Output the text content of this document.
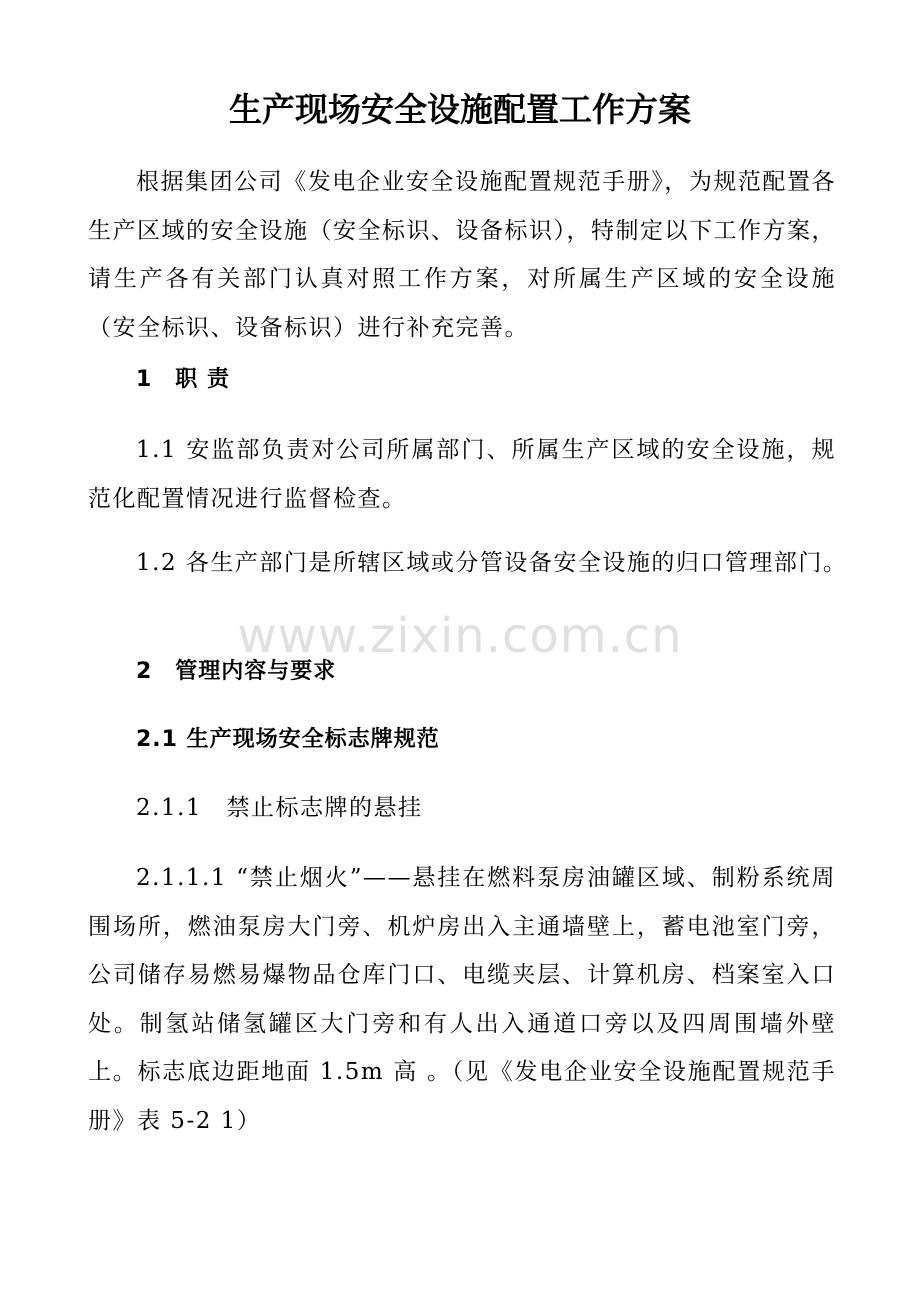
生产现场安全设施配置工作方案
根据集团公司《发电企业安全设施配置规范手册》，为规范配置各生产区域的安全设施（安全标识、设备标识），特制定以下工作方案，请生产各有关部门认真对照工作方案，对所属生产区域的安全设施（安全标识、设备标识）进行补充完善。
1　职 责
1.1 安监部负责对公司所属部门、所属生产区域的安全设施，规范化配置情况进行监督检查。
1.2 各生产部门是所辖区域或分管设备安全设施的归口管理部门。
www.zixin.com.cn
2　管理内容与要求
2.1 生产现场安全标志牌规范
2.1.1　禁止标志牌的悬挂
2.1.1.1 “禁止烟火”——悬挂在燃料泵房油罐区域、制粉系统周围场所，燃油泵房大门旁、机炉房出入主通墙壁上，蓄电池室门旁，公司储存易燃易爆物品仓库门口、电缆夹层、计算机房、档案室入口处。制氢站储氢罐区大门旁和有人出入通道口旁以及四周围墙外壁上。标志底边距地面 1.5m 高 。（见《发电企业安全设施配置规范手册》表 5-2 1）
